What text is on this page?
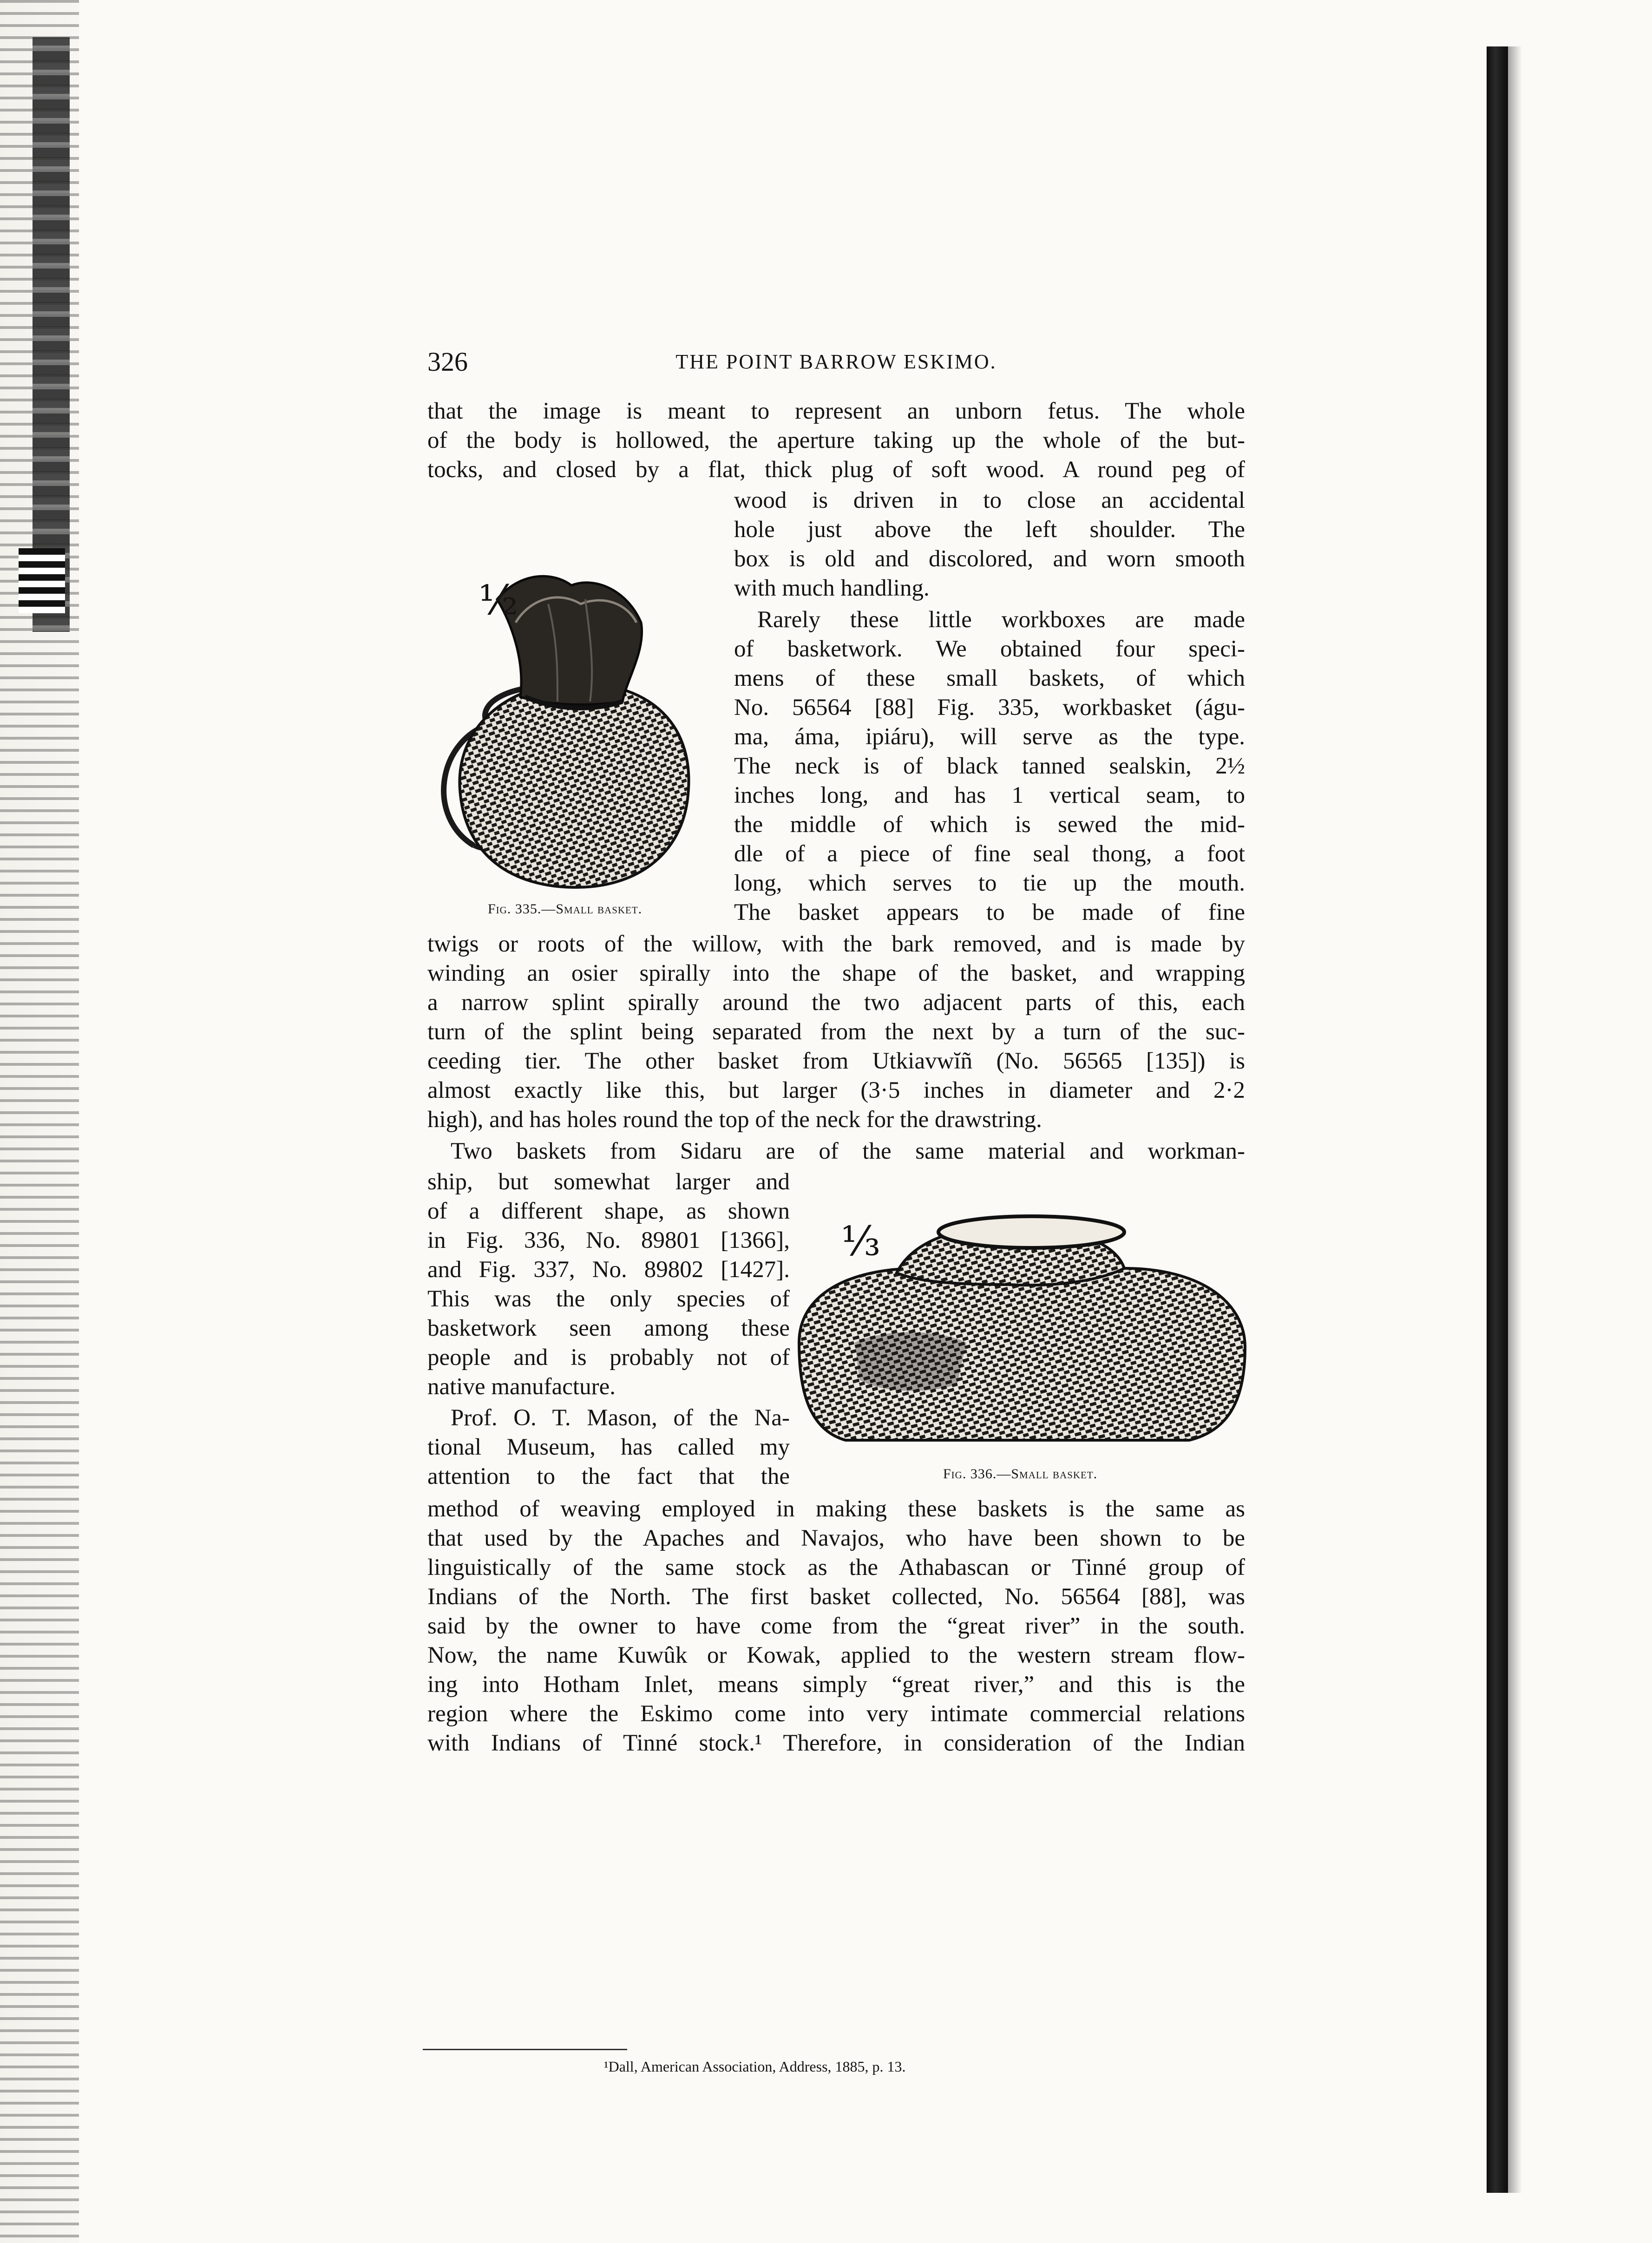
326	THE POINT BARROW ESKIMO.
that the image is meant to represent an unborn fetus. The whole
of the body is hollowed, the aperture taking up the whole of the but-
tocks, and closed by a flat, thick plug of soft wood. A round peg of
wood is driven in to close an accidental
hole just above the left shoulder. The
box is old and discolored, and worn smooth
with much handling.
Rarely these little workboxes are made
of basketwork. We obtained four speci-
mens of these small baskets, of which
No. 56564 [88] Fig. 335, workbasket (águ-
ma, áma, ipiáru), will serve as the type.
The neck is of black tanned sealskin, 2½
inches long, and has 1 vertical seam, to
the middle of which is sewed the mid-
dle of a piece of fine seal thong, a foot
long, which serves to tie up the mouth.
The basket appears to be made of fine
twigs or roots of the willow, with the bark removed, and is made by
winding an osier spirally into the shape of the basket, and wrapping
a narrow splint spirally around the two adjacent parts of this, each
turn of the splint being separated from the next by a turn of the suc-
ceeding tier. The other basket from Utkiavwĭñ (No. 56565 [135]) is
almost exactly like this, but larger (3·5 inches in diameter and 2·2
high), and has holes round the top of the neck for the drawstring.
Two baskets from Sidaru are of the same material and workman-
ship, but somewhat larger and
of a different shape, as shown
in Fig. 336, No. 89801 [1366],
and Fig. 337, No. 89802 [1427].
This was the only species of
basketwork seen among these
people and is probably not of
native manufacture.
Prof. O. T. Mason, of the Na-
tional Museum, has called my
attention to the fact that the
method of weaving employed in making these baskets is the same as
that used by the Apaches and Navajos, who have been shown to be
linguistically of the same stock as the Athabascan or Tinné group of
Indians of the North. The first basket collected, No. 56564 [88], was
said by the owner to have come from the “great river” in the south.
Now, the name Kuwûk or Kowak, applied to the western stream flow-
ing into Hotham Inlet, means simply “great river,” and this is the
region where the Eskimo come into very intimate commercial relations
with Indians of Tinné stock.¹ Therefore, in consideration of the Indian
½
Fig. 335.—Small basket.
⅓
Fig. 336.—Small basket.
¹Dall, American Association, Address, 1885, p. 13.
